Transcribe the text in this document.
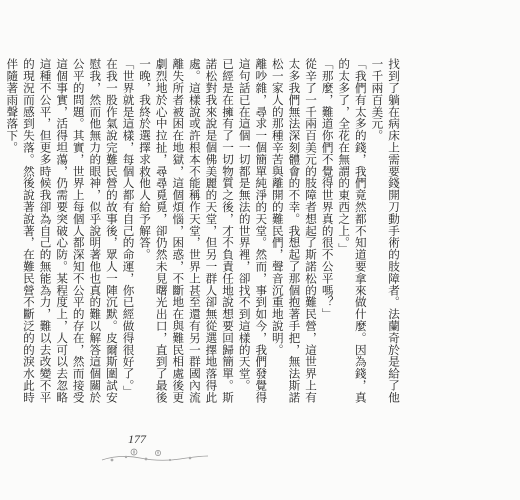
找到了躺在病床上需要錢開刀動手術的肢障者。法蘭奇於是給了他一千兩百美元。

「我們有太多的錢，我們竟然都不知道要拿來做什麼。因為錢，真的太多了，全花在無謂的東西之上。」

「那麼，難道你們不覺得世界真的很不公平嗎？」

從辛了一千兩百美元的肢障者想起了斯諾松的難民營，這世界上有太多我們無法深刻體會的不幸。我想起了那個抱著手把，無法斯諾松一家人的那種辛苦與離開的難民們，聲音沉重地說明。

離吵雜，尋求一個簡單純淨的天堂。然而，事到如今，我們發覺得這句話已在這個一切都是無法的世界裡，卻找不到這樣的天堂。

已經是在擁有了一切物質之後，才不負責任地說想要回歸簡單。斯諾松對我來說是個佛美麗的天堂，但另一群人卻無從選擇地落得此處。這樣說或許根本不能稱作天堂，世界上甚至還有另一群國內流離失所者被困在地獄，這個煩惱，困惑，不斷地在與難民相處後更劇烈地於心中拉扯，尋尋覓覓，卻仍然未見曙光出口，直到了最後一晚，我終於選擇求救他人給予解答。

「世界就是這樣，每個人都有自己的命運，你已經做得很好了。」在我一股作氣說完難民營的故事後，眾人一陣沉默。皮爾斯圍試安慰我，然而他無力的眼神，似乎說明著他也真的難以解答這個關於公平的問題。其實，世界上每個人都深知不公平的存在，然而接受這個事實，活得坦蕩，仍需要突破心防。某程度上，人可以去忽略這種不公平，但更多時候我卻為自己的無能為力，難以去改變不平的現況而感到失落。然後說著說著，在難民營不斷泛的的淚水此時伴隨著雨聲落下。

177
